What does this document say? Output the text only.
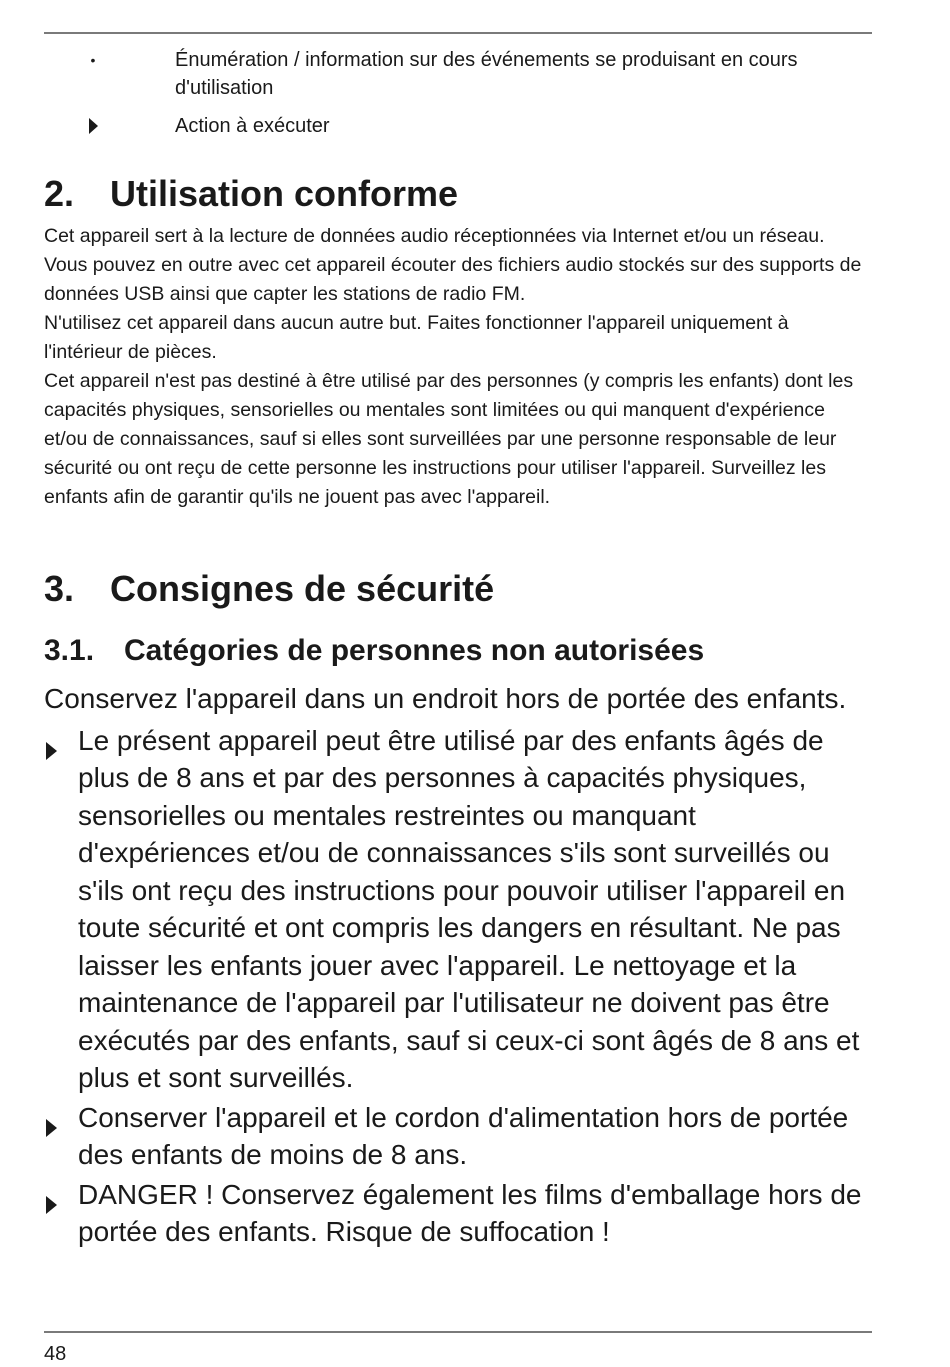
•	Énumération / information sur des événements se produisant en cours d'utilisation
Action à exécuter
2. Utilisation conforme

Cet appareil sert à la lecture de données audio réceptionnées via Internet et/ou un réseau. Vous pouvez en outre avec cet appareil écouter des fichiers audio stockés sur des supports de données USB ainsi que capter les stations de radio FM.

N'utilisez cet appareil dans aucun autre but. Faites fonctionner l'appareil uniquement à l'intérieur de pièces.

Cet appareil n'est pas destiné à être utilisé par des personnes (y compris les enfants) dont les capacités physiques, sensorielles ou mentales sont limitées ou qui manquent d'expérience et/ou de connaissances, sauf si elles sont surveillées par une personne responsable de leur sécurité ou ont reçu de cette personne les instructions pour utiliser l'appareil. Surveillez les enfants afin de garantir qu'ils ne jouent pas avec l'appareil.

3. Consignes de sécurité
3.1. Catégories de personnes non autorisées

Conservez l'appareil dans un endroit hors de portée des enfants.

Le présent appareil peut être utilisé par des enfants âgés de plus de 8 ans et par des personnes à capacités physiques, sensorielles ou mentales restreintes ou manquant d'expériences et/ou de connaissances s'ils sont surveillés ou s'ils ont reçu des instructions pour pouvoir utiliser l'appareil en toute sécurité et ont compris les dangers en résultant. Ne pas laisser les enfants jouer avec l'appareil. Le nettoyage et la maintenance de l'appareil par l'utilisateur ne doivent pas être exécutés par des enfants, sauf si ceux-ci sont âgés de 8 ans et plus et sont surveillés.
Conserver l'appareil et le cordon d'alimentation hors de portée des enfants de moins de 8 ans.
DANGER ! Conservez également les films d'emballage hors de portée des enfants. Risque de suffocation !
48
